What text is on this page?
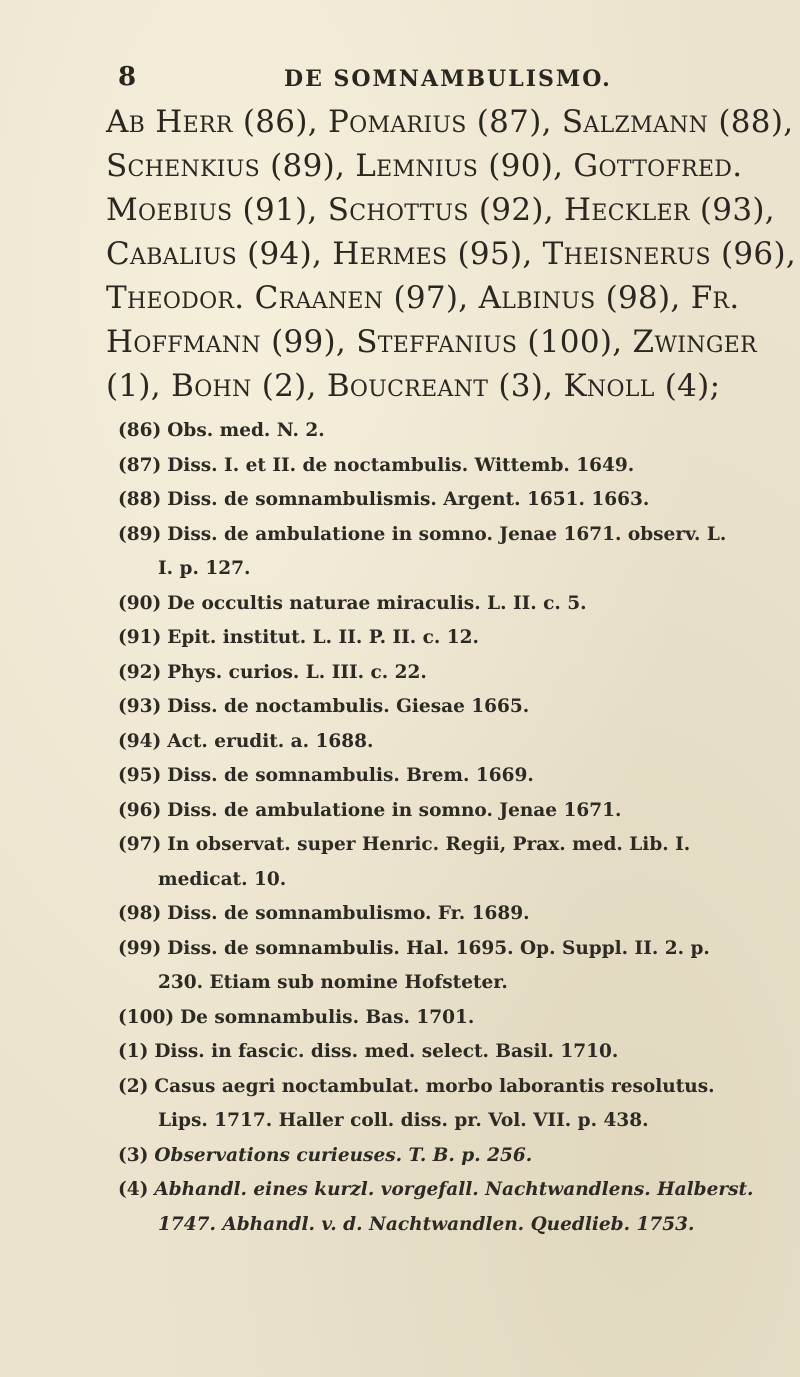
8	DE SOMNAMBULISMO.
Ab Herr (86), Pomarius (87), Salzmann (88),
Schenkius (89), Lemnius (90), Gottofred.
Moebius (91), Schottus (92), Heckler (93),
Cabalius (94), Hermes (95), Theisnerus (96),
Theodor. Craanen (97), Albinus (98), Fr.
Hoffmann (99), Steffanius (100), Zwinger
(1), Bohn (2), Boucreant (3), Knoll (4);
(86) Obs. med. N. 2.
(87) Diss. I. et II. de noctambulis. Wittemb. 1649.
(88) Diss. de somnambulismis. Argent. 1651. 1663.
(89) Diss. de ambulatione in somno. Jenae 1671. observ. L.
I. p. 127.
(90) De occultis naturae miraculis. L. II. c. 5.
(91) Epit. institut. L. II. P. II. c. 12.
(92) Phys. curios. L. III. c. 22.
(93) Diss. de noctambulis. Giesae 1665.
(94) Act. erudit. a. 1688.
(95) Diss. de somnambulis. Brem. 1669.
(96) Diss. de ambulatione in somno. Jenae 1671.
(97) In observat. super Henric. Regii, Prax. med. Lib. I.
medicat. 10.
(98) Diss. de somnambulismo. Fr. 1689.
(99) Diss. de somnambulis. Hal. 1695. Op. Suppl. II. 2. p.
230. Etiam sub nomine Hofsteter.
(100) De somnambulis. Bas. 1701.
(1) Diss. in fascic. diss. med. select. Basil. 1710.
(2) Casus aegri noctambulat. morbo laborantis resolutus.
Lips. 1717. Haller coll. diss. pr. Vol. VII. p. 438.
(3) Observations curieuses. T. B. p. 256.
(4) Abhandl. eines kurzl. vorgefall. Nachtwandlens. Halberst.
1747. Abhandl. v. d. Nachtwandlen. Quedlieb. 1753.
